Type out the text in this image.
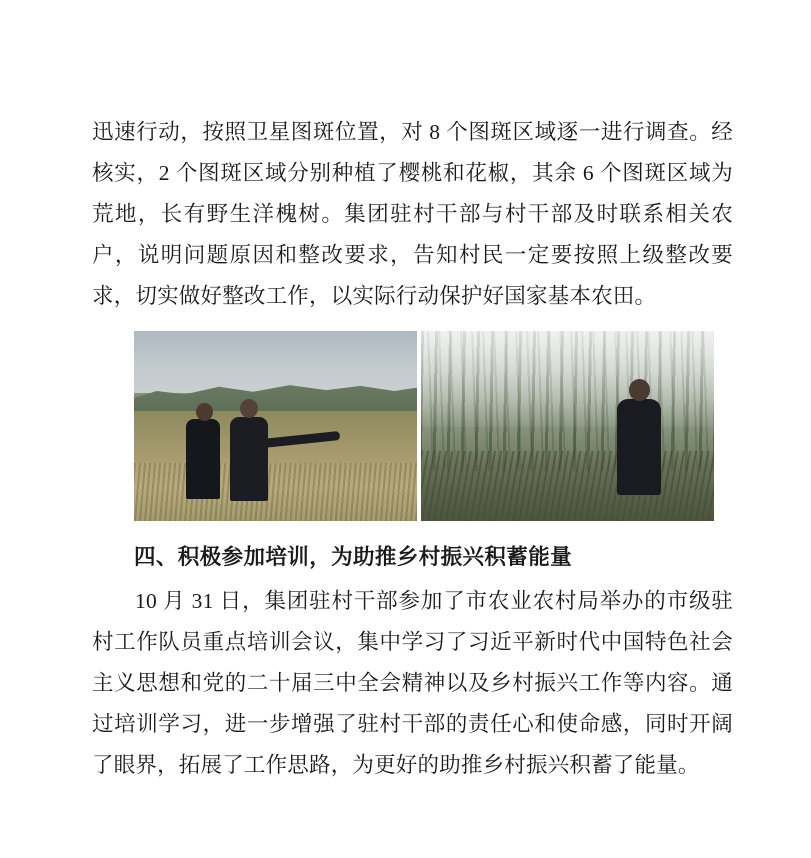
迅速行动，按照卫星图斑位置，对 8 个图斑区域逐一进行调查。经核实，2 个图斑区域分别种植了樱桃和花椒，其余 6 个图斑区域为荒地，长有野生洋槐树。集团驻村干部与村干部及时联系相关农户，说明问题原因和整改要求，告知村民一定要按照上级整改要求，切实做好整改工作，以实际行动保护好国家基本农田。

四、积极参加培训，为助推乡村振兴积蓄能量

10 月 31 日，集团驻村干部参加了市农业农村局举办的市级驻村工作队员重点培训会议，集中学习了习近平新时代中国特色社会主义思想和党的二十届三中全会精神以及乡村振兴工作等内容。通过培训学习，进一步增强了驻村干部的责任心和使命感，同时开阔了眼界，拓展了工作思路，为更好的助推乡村振兴积蓄了能量。
